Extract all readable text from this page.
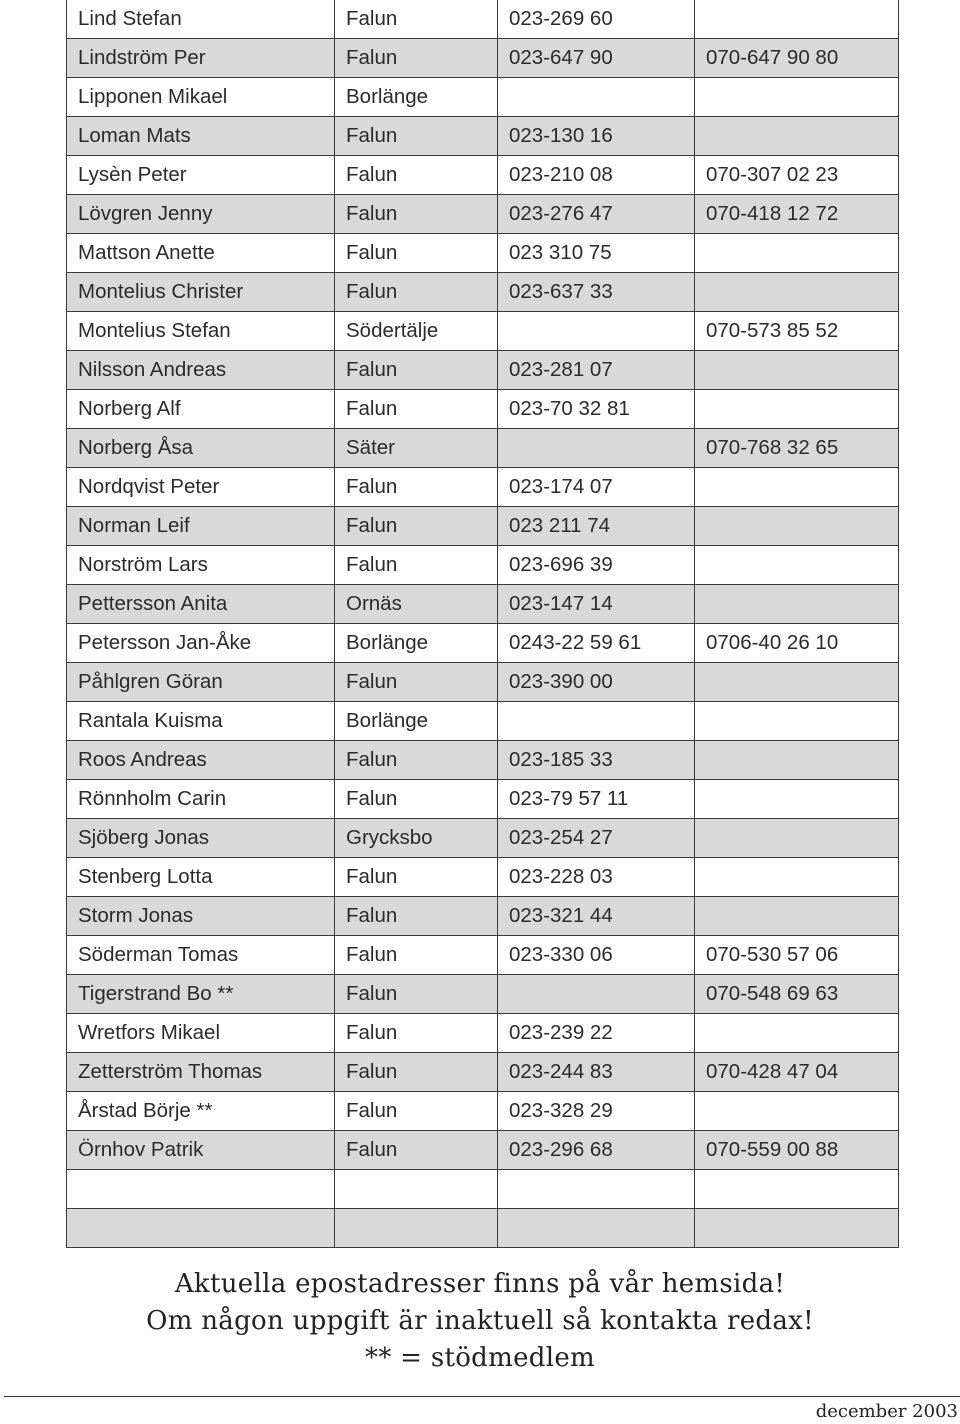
Lind Stefan	Falun	023-269 60	
Lindström Per	Falun	023-647 90	070-647 90 80
Lipponen Mikael	Borlänge		
Loman Mats	Falun	023-130 16	
Lysèn Peter	Falun	023-210 08	070-307 02 23
Lövgren Jenny	Falun	023-276 47	070-418 12 72
Mattson Anette	Falun	023 310 75	
Montelius Christer	Falun	023-637 33	
Montelius Stefan	Södertälje		070-573 85 52
Nilsson Andreas	Falun	023-281 07	
Norberg Alf	Falun	023-70 32 81	
Norberg Åsa	Säter		070-768 32 65
Nordqvist Peter	Falun	023-174 07	
Norman Leif	Falun	023 211 74	
Norström Lars	Falun	023-696 39	
Pettersson Anita	Ornäs	023-147 14	
Petersson Jan-Åke	Borlänge	0243-22 59 61	0706-40 26 10
Påhlgren Göran	Falun	023-390 00	
Rantala Kuisma	Borlänge		
Roos Andreas	Falun	023-185 33	
Rönnholm Carin	Falun	023-79 57 11	
Sjöberg Jonas	Grycksbo	023-254 27	
Stenberg Lotta	Falun	023-228 03	
Storm Jonas	Falun	023-321 44	
Söderman Tomas	Falun	023-330 06	070-530 57 06
Tigerstrand Bo **	Falun		070-548 69 63
Wretfors Mikael	Falun	023-239 22	
Zetterström Thomas	Falun	023-244 83	070-428 47 04
Årstad Börje **	Falun	023-328 29	
Örnhov Patrik	Falun	023-296 68	070-559 00 88

Aktuella epostadresser finns på vår hemsida!
Om någon uppgift är inaktuell så kontakta redax!
** = stödmedlem
december 2003
